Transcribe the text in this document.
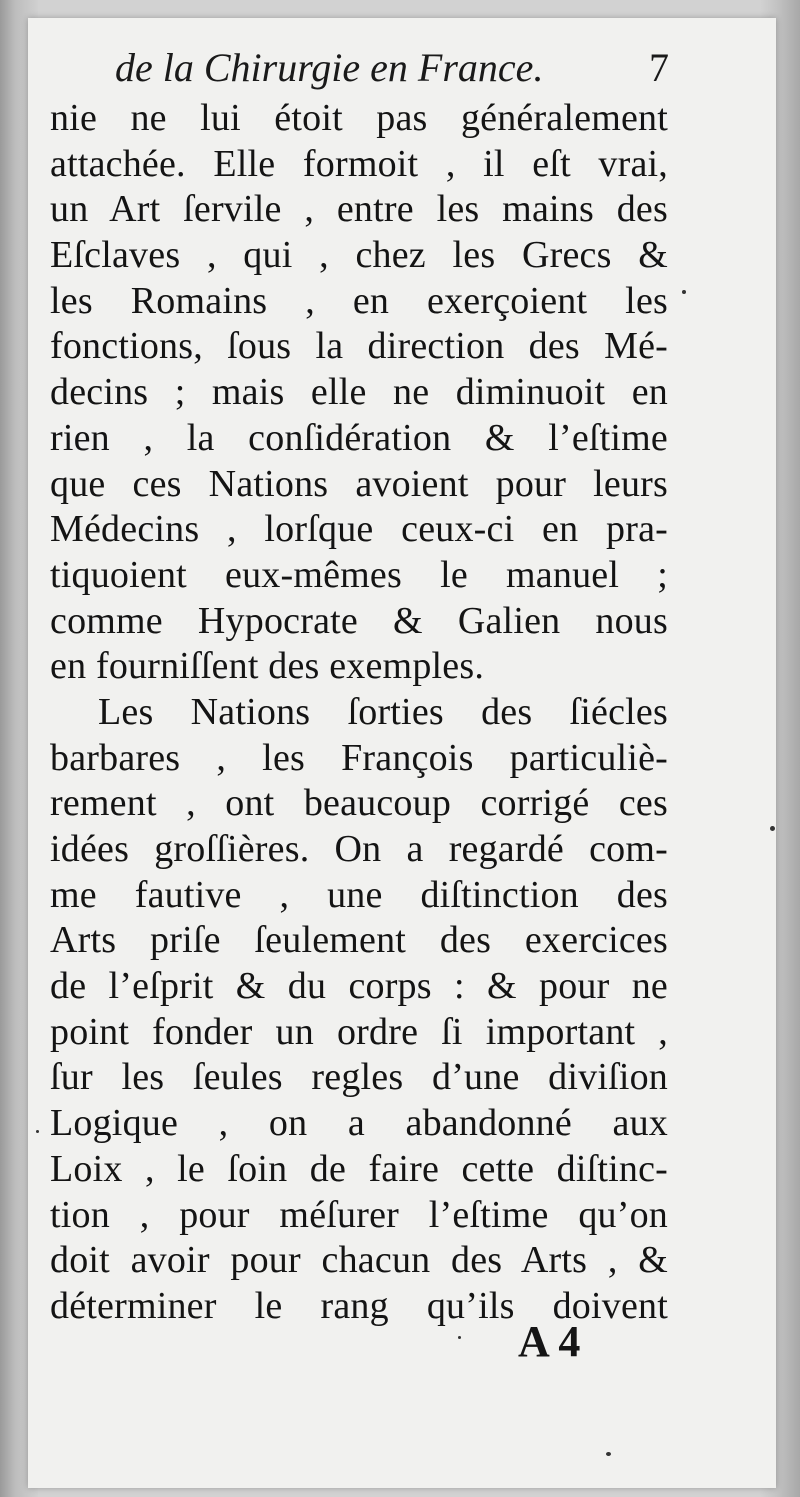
de la Chirurgie en France.	7
nie ne lui étoit pas généralement
attachée. Elle formoit , il eſt vrai,
un Art ſervile , entre les mains des
Eſclaves , qui , chez les Grecs &
les Romains , en exerçoient les
fonctions, ſous la direction des Mé-
decins ; mais elle ne diminuoit en
rien , la conſidération & l’eſtime
que ces Nations avoient pour leurs
Médecins , lorſque ceux-ci en pra-
tiquoient eux-mêmes le manuel ;
comme Hypocrate & Galien nous
en fourniſſent des exemples.
Les Nations ſorties des ſiécles
barbares , les François particuliè-
rement , ont beaucoup corrigé ces
idées groſſières. On a regardé com-
me fautive , une diſtinction des
Arts priſe ſeulement des exercices
de l’eſprit & du corps : & pour ne
point fonder un ordre ſi important ,
ſur les ſeules regles d’une diviſion
Logique , on a abandonné aux
Loix , le ſoin de faire cette diſtinc-
tion , pour méſurer l’eſtime qu’on
doit avoir pour chacun des Arts , &
déterminer le rang qu’ils doivent
A 4
